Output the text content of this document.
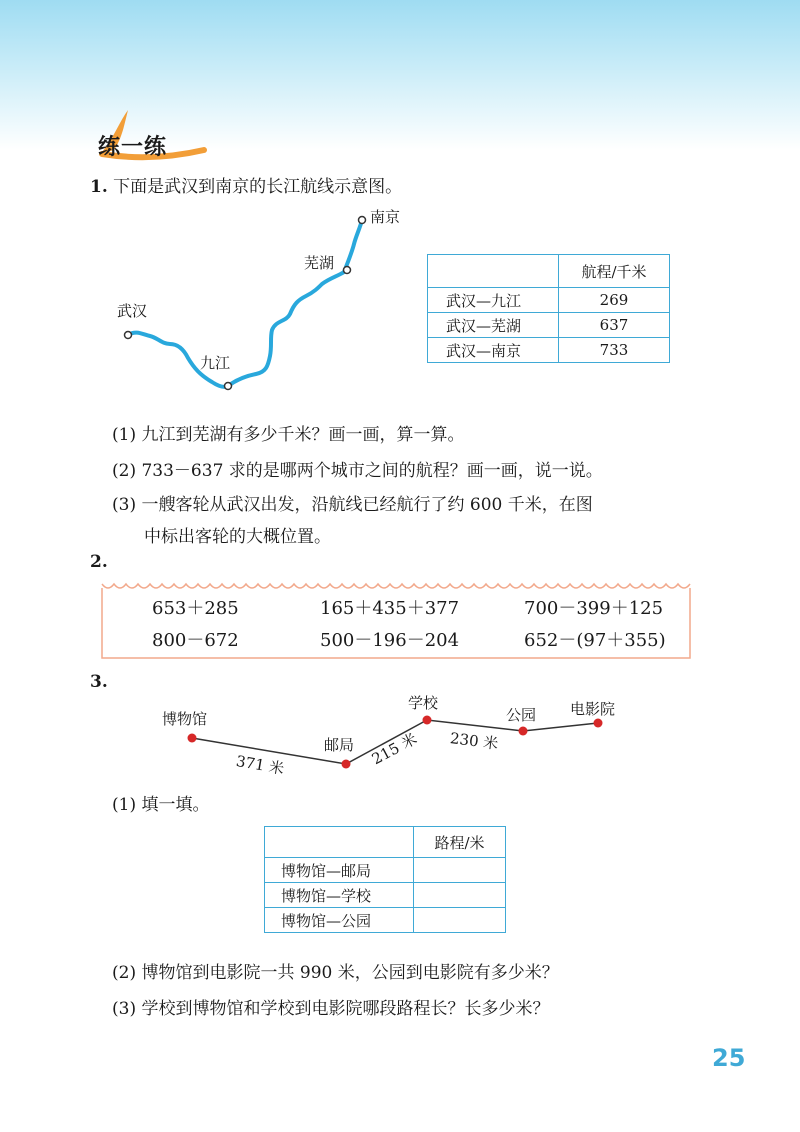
练一练
1. 下面是武汉到南京的长江航线示意图。
武汉
九江
芜湖
南京
	航程/千米
武汉—九江	269
武汉—芜湖	637
武汉—南京	733
(1) 九江到芜湖有多少千米？画一画，算一算。
(2) 733－637 求的是哪两个城市之间的航程？画一画，说一说。
(3) 一艘客轮从武汉出发，沿航线已经航行了约 600 千米，在图
中标出客轮的大概位置。
2.
653＋285	165＋435＋377	700－399＋125
800－672	500－196－204	652－(97＋355)
3.
博物馆
邮局
学校
公园 电影院
371 米	215 米 230 米
(1) 填一填。
	路程/米
博物馆—邮局	
博物馆—学校	
博物馆—公园	
(2) 博物馆到电影院一共 990 米，公园到电影院有多少米？
(3) 学校到博物馆和学校到电影院哪段路程长？长多少米？
25
